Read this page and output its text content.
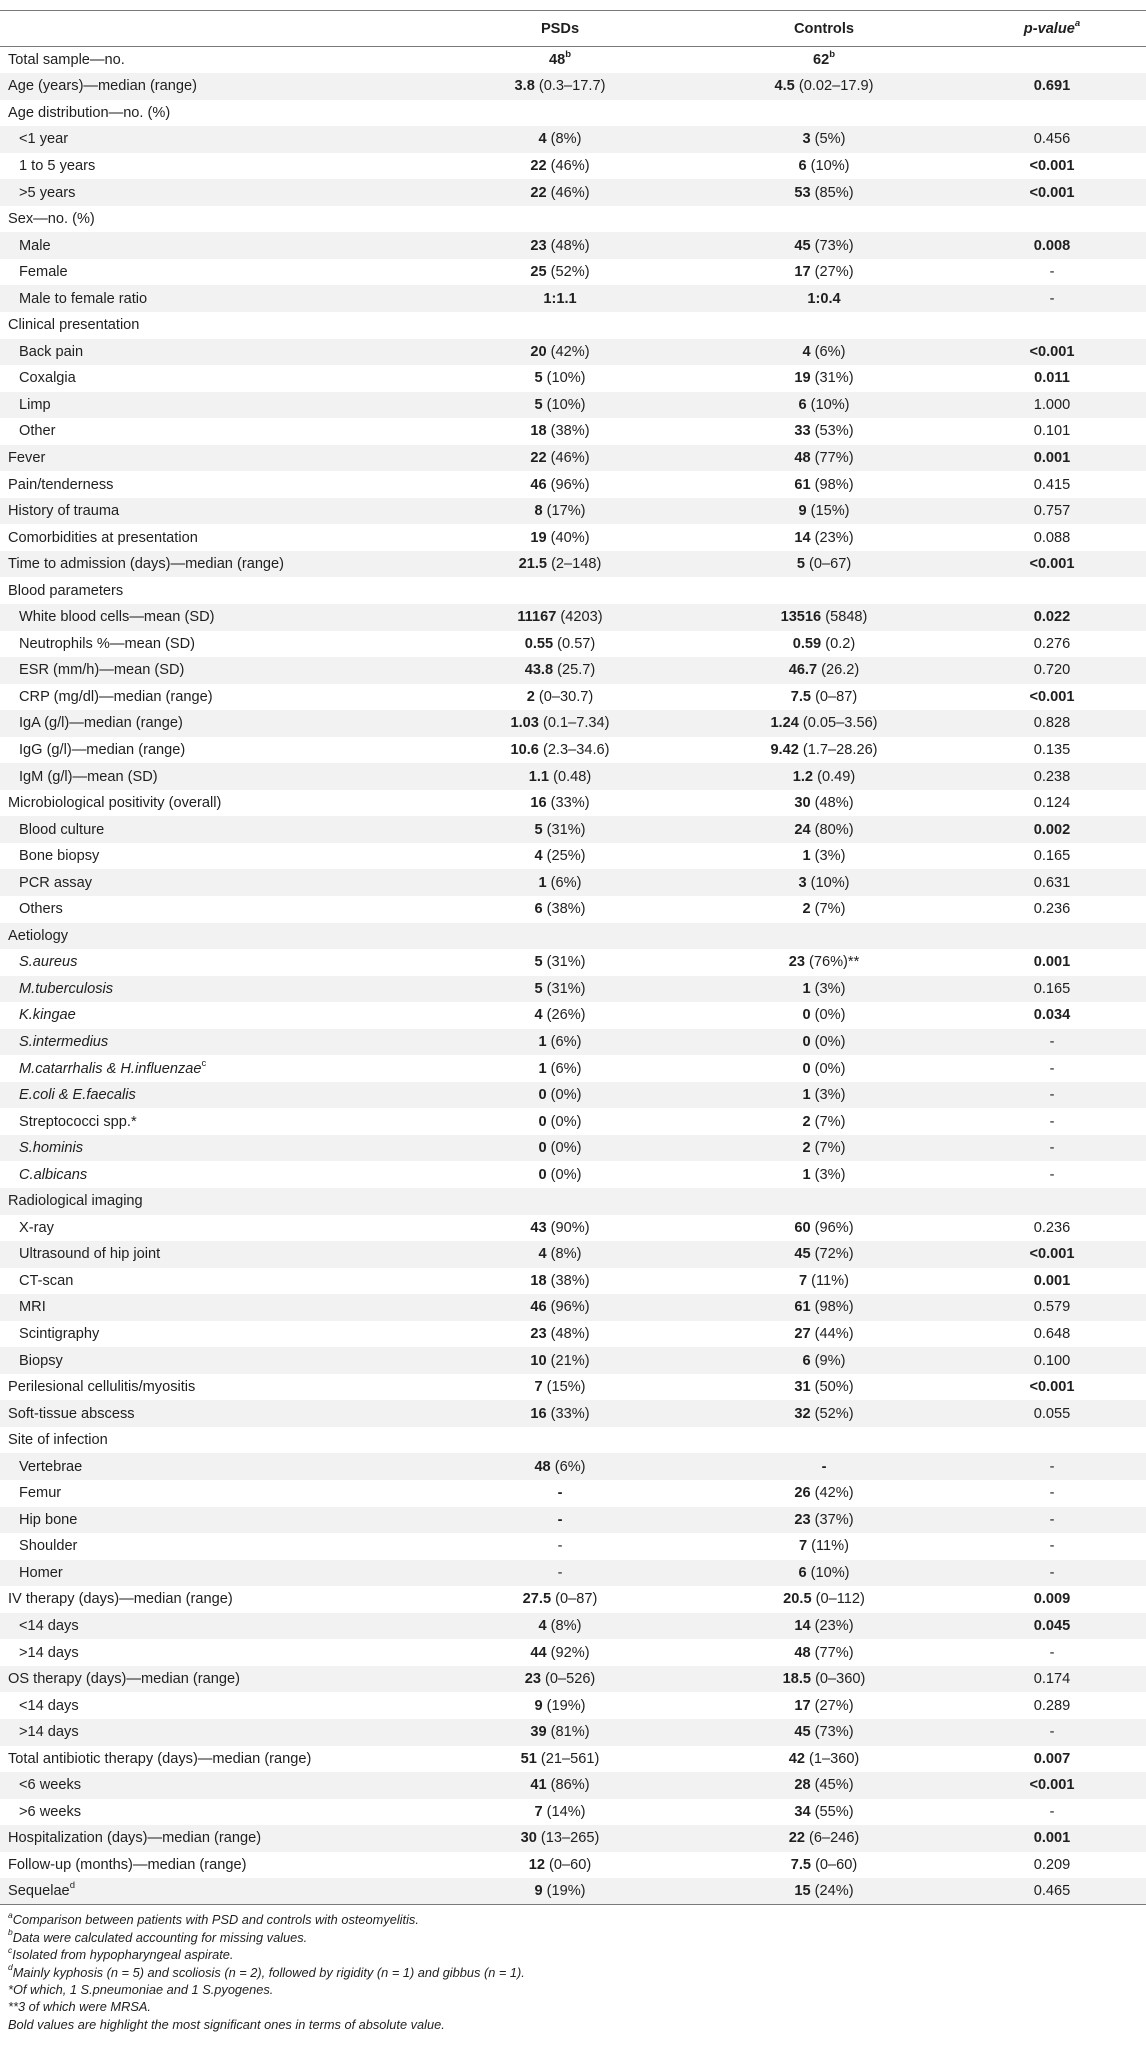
	PSDs	Controls	p-value$^a$
Total sample—no.	48$^b$	62$^b$	
Age (years)—median (range)	3.8 (0.3–17.7)	4.5 (0.02–17.9)	0.691
Age distribution—no. (%)			
<1 year	4 (8%)	3 (5%)	0.456
1 to 5 years	22 (46%)	6 (10%)	<0.001
>5 years	22 (46%)	53 (85%)	<0.001
Sex—no. (%)			
Male	23 (48%)	45 (73%)	0.008
Female	25 (52%)	17 (27%)	-
Male to female ratio	1:1.1	1:0.4	-
Clinical presentation			
Back pain	20 (42%)	4 (6%)	<0.001
Coxalgia	5 (10%)	19 (31%)	0.011
Limp	5 (10%)	6 (10%)	1.000
Other	18 (38%)	33 (53%)	0.101
Fever	22 (46%)	48 (77%)	0.001
Pain/tenderness	46 (96%)	61 (98%)	0.415
History of trauma	8 (17%)	9 (15%)	0.757
Comorbidities at presentation	19 (40%)	14 (23%)	0.088
Time to admission (days)—median (range)	21.5 (2–148)	5 (0–67)	<0.001
Blood parameters			
White blood cells—mean (SD)	11167 (4203)	13516 (5848)	0.022
Neutrophils %—mean (SD)	0.55 (0.57)	0.59 (0.2)	0.276
ESR (mm/h)—mean (SD)	43.8 (25.7)	46.7 (26.2)	0.720
CRP (mg/dl)—median (range)	2 (0–30.7)	7.5 (0–87)	<0.001
IgA (g/l)—median (range)	1.03 (0.1–7.34)	1.24 (0.05–3.56)	0.828
IgG (g/l)—median (range)	10.6 (2.3–34.6)	9.42 (1.7–28.26)	0.135
IgM (g/l)—mean (SD)	1.1 (0.48)	1.2 (0.49)	0.238
Microbiological positivity (overall)	16 (33%)	30 (48%)	0.124
Blood culture	5 (31%)	24 (80%)	0.002
Bone biopsy	4 (25%)	1 (3%)	0.165
PCR assay	1 (6%)	3 (10%)	0.631
Others	6 (38%)	2 (7%)	0.236
Aetiology			
S.aureus	5 (31%)	23 (76%)**	0.001
M.tuberculosis	5 (31%)	1 (3%)	0.165
K.kingae	4 (26%)	0 (0%)	0.034
S.intermedius	1 (6%)	0 (0%)	-
M.catarrhalis & H.influenzae$^c$	1 (6%)	0 (0%)	-
E.coli & E.faecalis	0 (0%)	1 (3%)	-
Streptococci spp.*	0 (0%)	2 (7%)	-
S.hominis	0 (0%)	2 (7%)	-
C.albicans	0 (0%)	1 (3%)	-
Radiological imaging			
X-ray	43 (90%)	60 (96%)	0.236
Ultrasound of hip joint	4 (8%)	45 (72%)	<0.001
CT-scan	18 (38%)	7 (11%)	0.001
MRI	46 (96%)	61 (98%)	0.579
Scintigraphy	23 (48%)	27 (44%)	0.648
Biopsy	10 (21%)	6 (9%)	0.100
Perilesional cellulitis/myositis	7 (15%)	31 (50%)	<0.001
Soft-tissue abscess	16 (33%)	32 (52%)	0.055
Site of infection			
Vertebrae	48 (6%)	-	-
Femur	-	26 (42%)	-
Hip bone	-	23 (37%)	-
Shoulder	-	7 (11%)	-
Homer	-	6 (10%)	-
IV therapy (days)—median (range)	27.5 (0–87)	20.5 (0–112)	0.009
<14 days	4 (8%)	14 (23%)	0.045
>14 days	44 (92%)	48 (77%)	-
OS therapy (days)—median (range)	23 (0–526)	18.5 (0–360)	0.174
<14 days	9 (19%)	17 (27%)	0.289
>14 days	39 (81%)	45 (73%)	-
Total antibiotic therapy (days)—median (range)	51 (21–561)	42 (1–360)	0.007
<6 weeks	41 (86%)	28 (45%)	<0.001
>6 weeks	7 (14%)	34 (55%)	-
Hospitalization (days)—median (range)	30 (13–265)	22 (6–246)	0.001
Follow-up (months)—median (range)	12 (0–60)	7.5 (0–60)	0.209
Sequelae$^d$	9 (19%)	15 (24%)	0.465
$^a$Comparison between patients with PSD and controls with osteomyelitis.
$^b$Data were calculated accounting for missing values.
$^c$Isolated from hypopharyngeal aspirate.
$^d$Mainly kyphosis (n = 5) and scoliosis (n = 2), followed by rigidity (n = 1) and gibbus (n = 1).
*Of which, 1 S.pneumoniae and 1 S.pyogenes.
**3 of which were MRSA.
Bold values are highlight the most significant ones in terms of absolute value.
